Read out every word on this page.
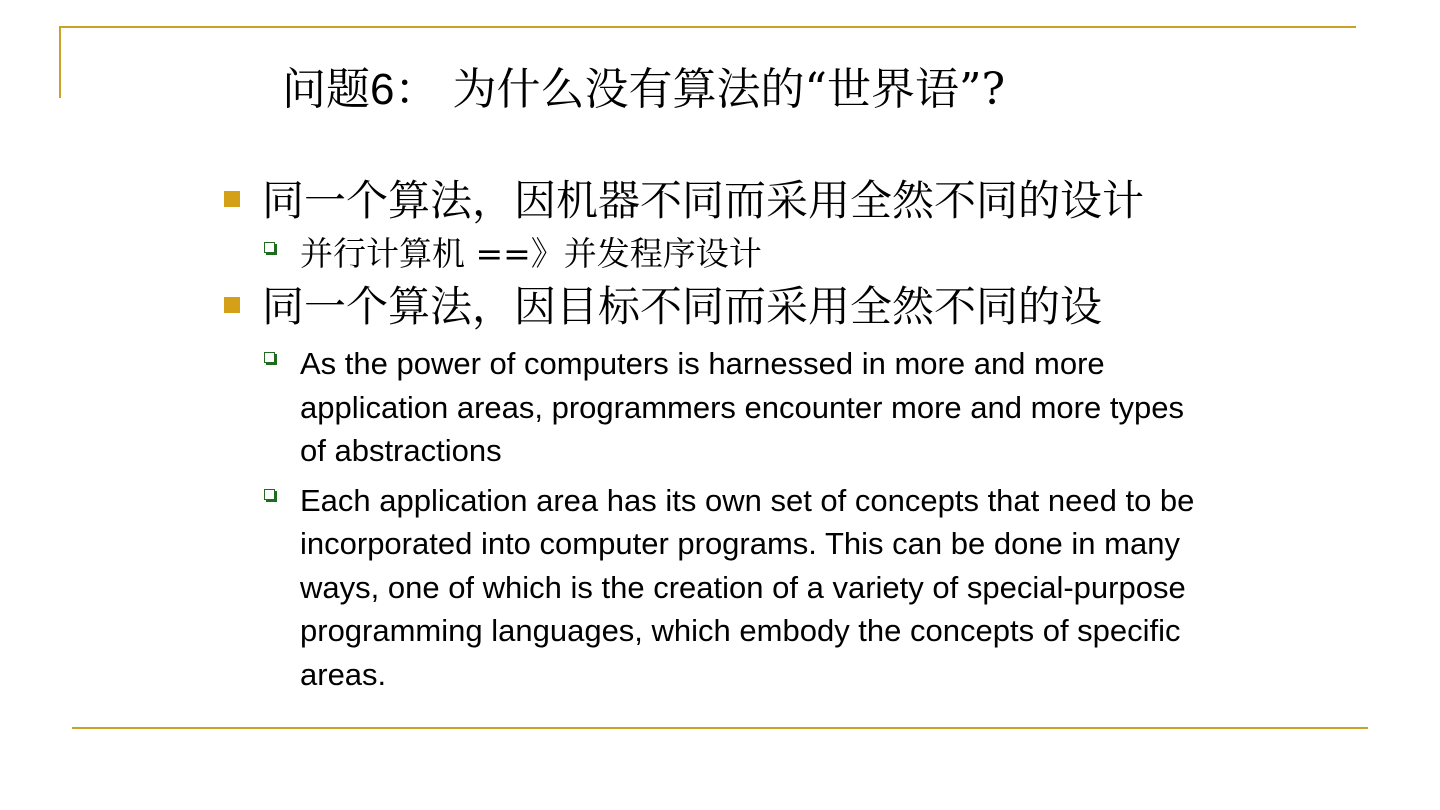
问题6： 为什么没有算法的“世界语”?
同一个算法，因机器不同而采用全然不同的设计
并行计算机 ==》并发程序设计
同一个算法，因目标不同而采用全然不同的设
As the power of computers is harnessed in more and more application areas, programmers encounter more and more types of abstractions
Each application area has its own set of concepts that need to be incorporated into computer programs. This can be done in many ways, one of which is the creation of a variety of special-purpose programming languages, which embody the concepts of specific areas.
